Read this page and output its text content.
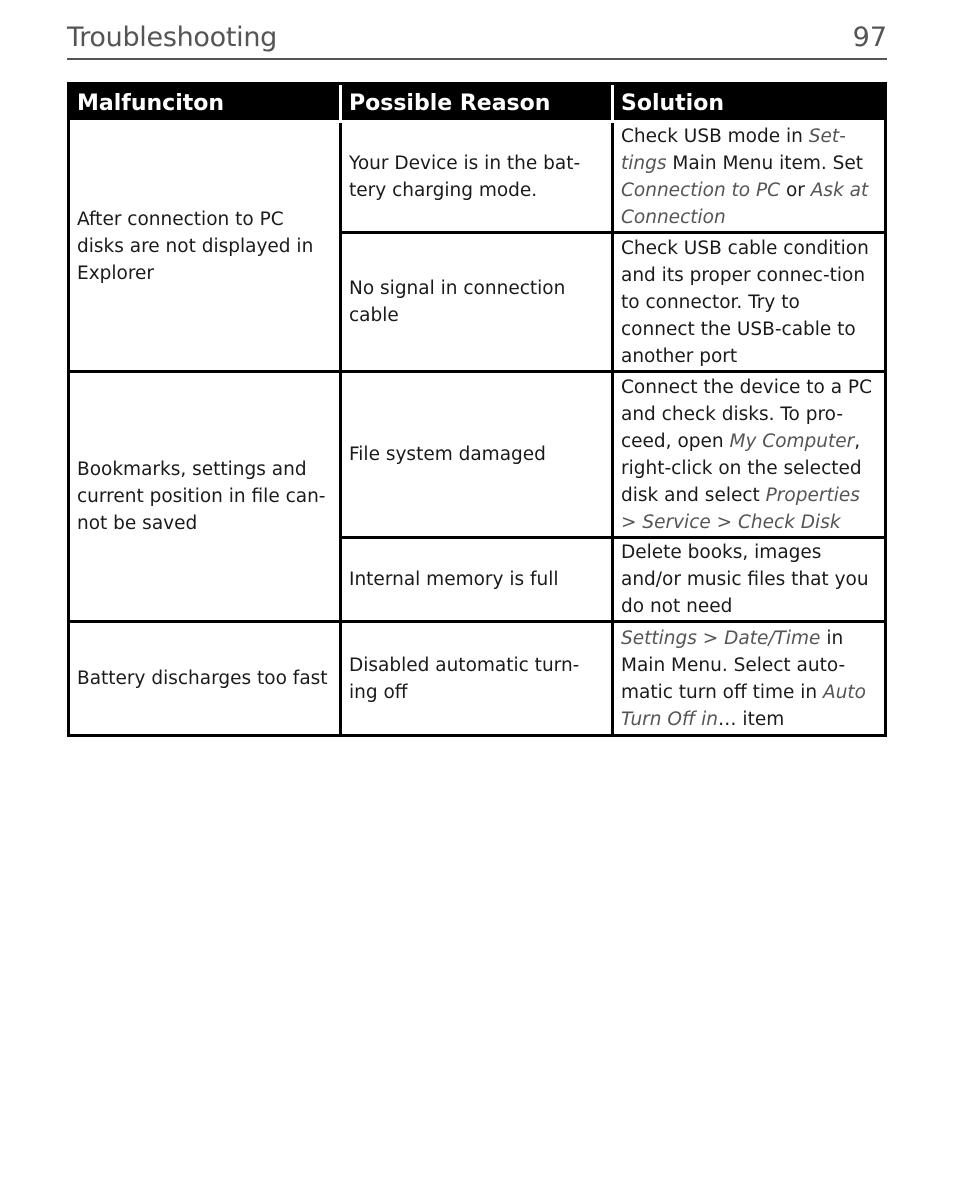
Troubleshooting	97
Malfunciton	Possible Reason	Solution
After connection to PC disks are not displayed in Explorer	Your Device is in the bat-tery charging mode.	Check USB mode in Set-tings Main Menu item. Set Connection to PC or Ask at Connection
	No signal in connection cable	Check USB cable condition and its proper connec-tion to connector. Try to connect the USB-cable to another port
Bookmarks, settings and current position in file can-not be saved	File system damaged	Connect the device to a PC and check disks. To pro-ceed, open My Computer, right-click on the selected disk and select Properties > Service > Check Disk
	Internal memory is full	Delete books, images and/or music files that you do not need
Battery discharges too fast	Disabled automatic turn-ing off	Settings > Date/Time in Main Menu. Select auto-matic turn off time in Auto Turn Off in… item
